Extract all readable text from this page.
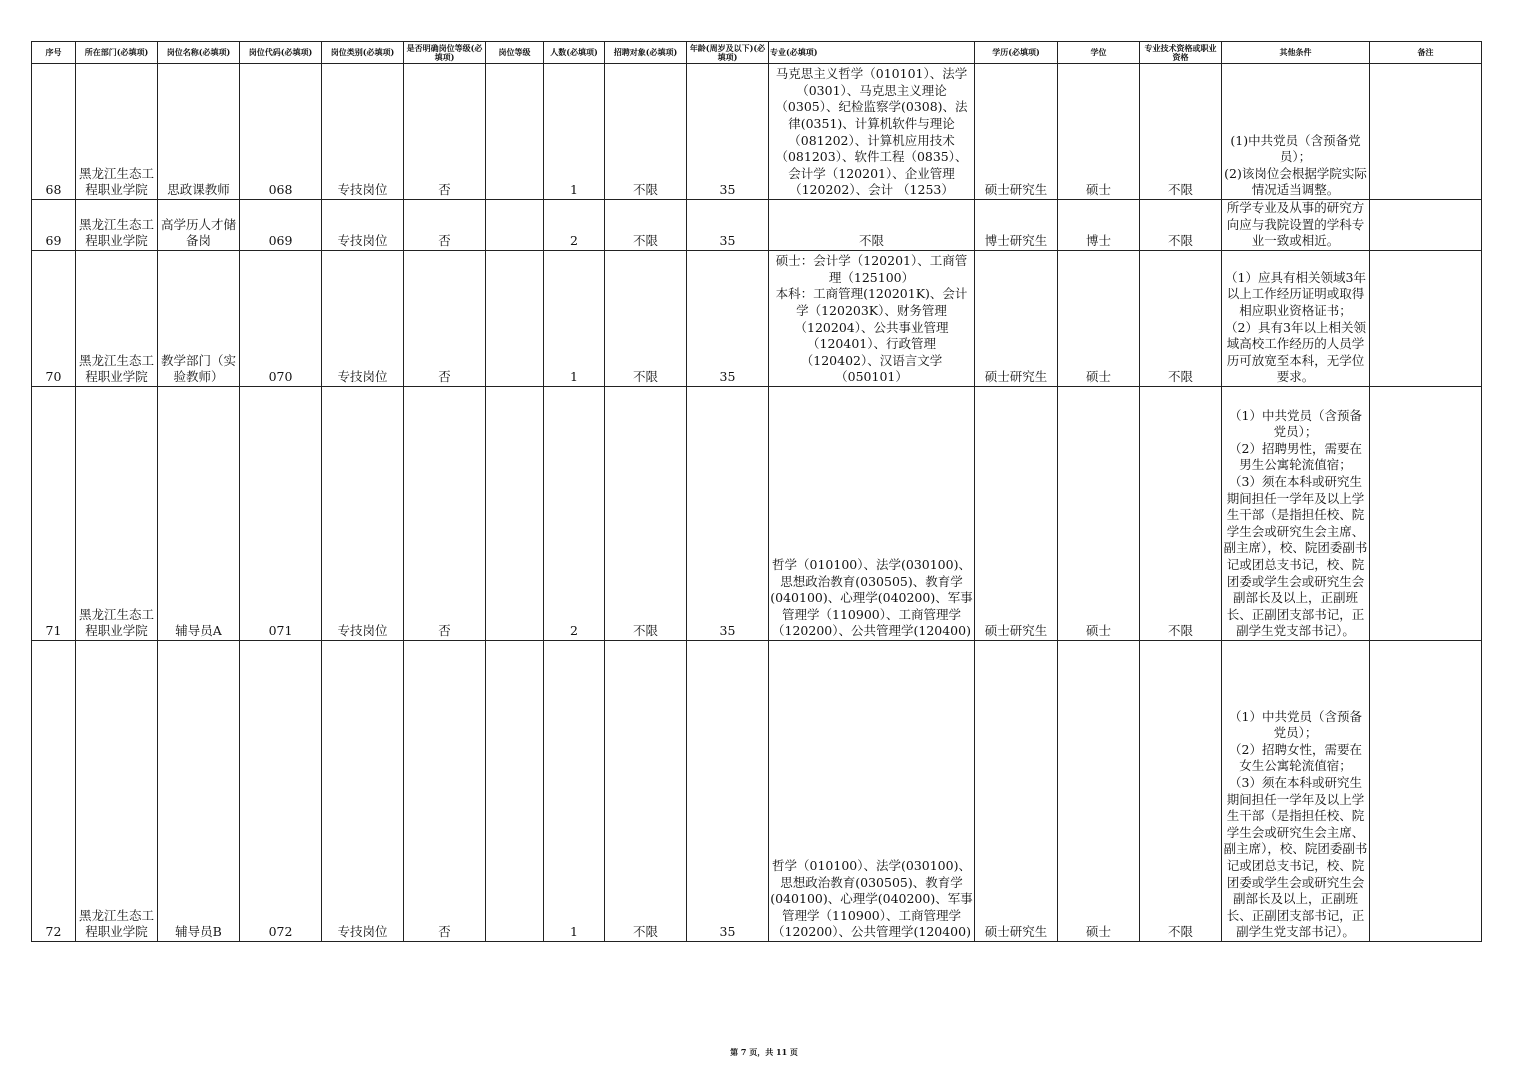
序号	所在部门(必填项)	岗位名称(必填项)	岗位代码(必填项)	岗位类别(必填项)	是否明确岗位等级(必填项)	岗位等级	人数(必填项)	招聘对象(必填项)	年龄(周岁及以下)(必填项)	专业(必填项)	学历(必填项)	学位	专业技术资格或职业资格	其他条件	备注
68	黑龙江生态工程职业学院	思政课教师	068	专技岗位	否		1	不限	35	马克思主义哲学（010101）、法学（0301）、马克思主义理论（0305）、纪检监察学(0308)、法律(0351)、计算机软件与理论（081202）、计算机应用技术（081203）、软件工程（0835）、会计学（120201）、企业管理（120202）、会计 （1253）	硕士研究生	硕士	不限	(1)中共党员（含预备党员）；
(2)该岗位会根据学院实际情况适当调整。	
69	黑龙江生态工程职业学院	高学历人才储备岗	069	专技岗位	否		2	不限	35	不限	博士研究生	博士	不限	所学专业及从事的研究方向应与我院设置的学科专业一致或相近。	
70	黑龙江生态工程职业学院	教学部门（实验教师）	070	专技岗位	否		1	不限	35	硕士：会计学（120201）、工商管理（125100）
本科：工商管理(120201K)、会计学（120203K）、财务管理（120204）、公共事业管理（120401）、行政管理（120402）、汉语言文学（050101）	硕士研究生	硕士	不限	（1）应具有相关领域3年以上工作经历证明或取得相应职业资格证书；
（2）具有3年以上相关领域高校工作经历的人员学历可放宽至本科，无学位要求。	
71	黑龙江生态工程职业学院	辅导员A	071	专技岗位	否		2	不限	35	哲学（010100）、法学(030100)、思想政治教育(030505)、教育学(040100)、心理学(040200)、军事管理学（110900）、工商管理学（120200）、公共管理学(120400)	硕士研究生	硕士	不限	（1）中共党员（含预备党员）；
（2）招聘男性，需要在男生公寓轮流值宿；
（3）须在本科或研究生期间担任一学年及以上学生干部（是指担任校、院学生会或研究生会主席、副主席），校、院团委副书记或团总支书记，校、院团委或学生会或研究生会副部长及以上，正副班长、正副团支部书记，正副学生党支部书记）。	
72	黑龙江生态工程职业学院	辅导员B	072	专技岗位	否		1	不限	35	哲学（010100）、法学(030100)、思想政治教育(030505)、教育学(040100)、心理学(040200)、军事管理学（110900）、工商管理学（120200）、公共管理学(120400)	硕士研究生	硕士	不限	（1）中共党员（含预备党员）；
（2）招聘女性，需要在女生公寓轮流值宿；
（3）须在本科或研究生期间担任一学年及以上学生干部（是指担任校、院学生会或研究生会主席、副主席），校、院团委副书记或团总支书记，校、院团委或学生会或研究生会副部长及以上，正副班长、正副团支部书记，正副学生党支部书记）。	
第 7 页，共 11 页
